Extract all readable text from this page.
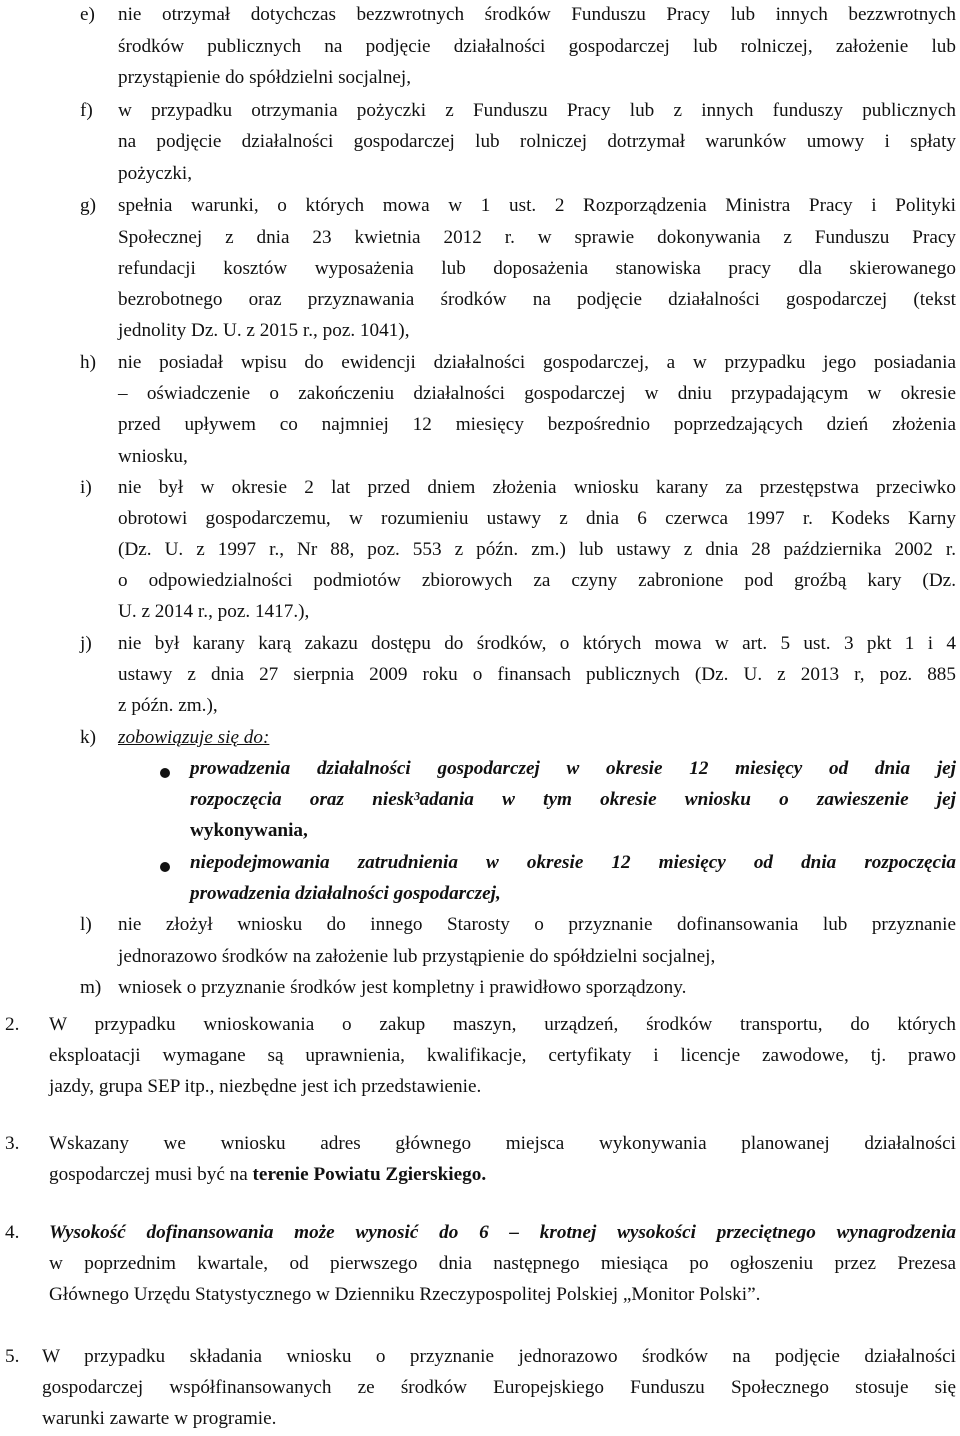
e) nie otrzymał dotychczas bezzwrotnych środków Funduszu Pracy lub innych bezzwrotnych
środków publicznych na podjęcie działalności gospodarczej lub rolniczej, założenie lub
przystąpienie do spółdzielni socjalnej,
f) w przypadku otrzymania pożyczki z Funduszu Pracy lub z innych funduszy publicznych
na podjęcie działalności gospodarczej lub rolniczej dotrzymał warunków umowy i spłaty
pożyczki,
g) spełnia warunki, o których mowa w 1 ust. 2 Rozporządzenia Ministra Pracy i Polityki
Społecznej z dnia 23 kwietnia 2012 r. w sprawie dokonywania z Funduszu Pracy
refundacji kosztów wyposażenia lub doposażenia stanowiska pracy dla skierowanego
bezrobotnego oraz przyznawania środków na podjęcie działalności gospodarczej (tekst
jednolity Dz. U. z 2015 r., poz. 1041),
h) nie posiadał wpisu do ewidencji działalności gospodarczej, a w przypadku jego posiadania
– oświadczenie o zakończeniu działalności gospodarczej w dniu przypadającym w okresie
przed upływem co najmniej 12 miesięcy bezpośrednio poprzedzających dzień złożenia
wniosku,
i) nie był w okresie 2 lat przed dniem złożenia wniosku karany za przestępstwa przeciwko
obrotowi gospodarczemu, w rozumieniu ustawy z dnia 6 czerwca 1997 r. Kodeks Karny
(Dz. U. z 1997 r., Nr 88, poz. 553 z późn. zm.) lub ustawy z dnia 28 października 2002 r.
o odpowiedzialności podmiotów zbiorowych za czyny zabronione pod groźbą kary (Dz.
U. z 2014 r., poz. 1417.),
j) nie był karany karą zakazu dostępu do środków, o których mowa w art. 5 ust. 3 pkt 1 i 4
ustawy z dnia 27 sierpnia 2009 roku o finansach publicznych (Dz. U. z 2013 r, poz. 885
z późn. zm.),
k) zobowiązuje się do:
prowadzenia działalności gospodarczej w okresie 12 miesięcy od dnia jej
rozpoczęcia oraz niesk³adania w tym okresie wniosku o zawieszenie jej
wykonywania,
niepodejmowania zatrudnienia w okresie 12 miesięcy od dnia rozpoczęcia
prowadzenia działalności gospodarczej,
l) nie złożył wniosku do innego Starosty o przyznanie dofinansowania lub przyznanie
jednorazowo środków na założenie lub przystąpienie do spółdzielni socjalnej,
m) wniosek o przyznanie środków jest kompletny i prawidłowo sporządzony.
2. W przypadku wnioskowania o zakup maszyn, urządzeń, środków transportu, do których
eksploatacji wymagane są uprawnienia, kwalifikacje, certyfikaty i licencje zawodowe, tj. prawo
jazdy, grupa SEP itp., niezbędne jest ich przedstawienie.
3. Wskazany we wniosku adres głównego miejsca wykonywania planowanej działalności
gospodarczej musi być na terenie Powiatu Zgierskiego.
4. Wysokość dofinansowania może wynosić do 6 – krotnej wysokości przeciętnego wynagrodzenia
w poprzednim kwartale, od pierwszego dnia następnego miesiąca po ogłoszeniu przez Prezesa
Głównego Urzędu Statystycznego w Dzienniku Rzeczypospolitej Polskiej „Monitor Polski”.
5. W przypadku składania wniosku o przyznanie jednorazowo środków na podjęcie działalności
gospodarczej współfinansowanych ze środków Europejskiego Funduszu Społecznego stosuje się
warunki zawarte w programie.
